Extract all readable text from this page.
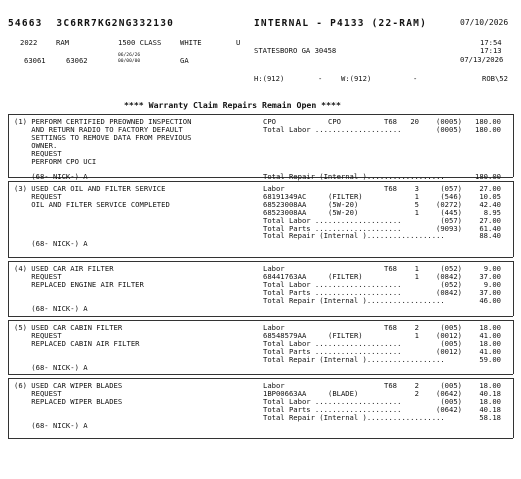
54663  3C6RR7KG2NG332130	INTERNAL - P4133 (22-RAM)	07/10/2026
2022	RAM	1500 CLASS	WHITE	U	17:54
STATESBORO GA 30458	17:13
63061	63062
06/26/26
00/00/00	GA	07/13/2026
H:(912)	-	W:(912)	-	ROB\52
**** Warranty Claim Repairs Remain Open ****
(1) PERFORM CERTIFIED PREOWNED INSPECTION
AND RETURN RADIO TO FACTORY DEFAULT
SETTINGS TO REMOVE DATA FROM PREVIOUS
OWNER.
REQUEST
PERFORM CPO UCI
(68- NICK-) A
CPO	CPO	T68	20	(0005)	180.00
Total Labor ....................	(0005)	180.00
Total Repair (Internal )..................	180.00
(3) USED CAR OIL AND FILTER SERVICE
REQUEST
OIL AND FILTER SERVICE COMPLETED
(68- NICK-) A
Labor	T68	3	(057)	27.00
68191349AC	(FILTER)	1	(546)	10.05
68523008AA	(5W-20)	5	(0272)	42.40
68523008AA	(5W-20)	1	(445)	8.95
Total Labor ....................	(057)	27.00
Total Parts ....................	(9093)	61.40
Total Repair (Internal )..................	88.40
(4) USED CAR AIR FILTER
REQUEST
REPLACED ENGINE AIR FILTER
(68- NICK-) A
Labor	T68	1	(052)	9.00
68441763AA	(FILTER)	1	(0842)	37.00
Total Labor ....................	(052)	9.00
Total Parts ....................	(0842)	37.00
Total Repair (Internal )..................	46.00
(5) USED CAR CABIN FILTER
REQUEST
REPLACED CABIN AIR FILTER
(68- NICK-) A
Labor	T68	2	(005)	18.00
68548579AA	(FILTER)	1	(0012)	41.00
Total Labor ....................	(005)	18.00
Total Parts ....................	(0012)	41.00
Total Repair (Internal )..................	59.00
(6) USED CAR WIPER BLADES
REQUEST
REPLACED WIPER BLADES
(68- NICK-) A
Labor	T68	2	(005)	18.00
1BP00663AA	(BLADE)	2	(0642)	40.18
Total Labor ....................	(005)	18.00
Total Parts ....................	(0642)	40.18
Total Repair (Internal )..................	58.18
